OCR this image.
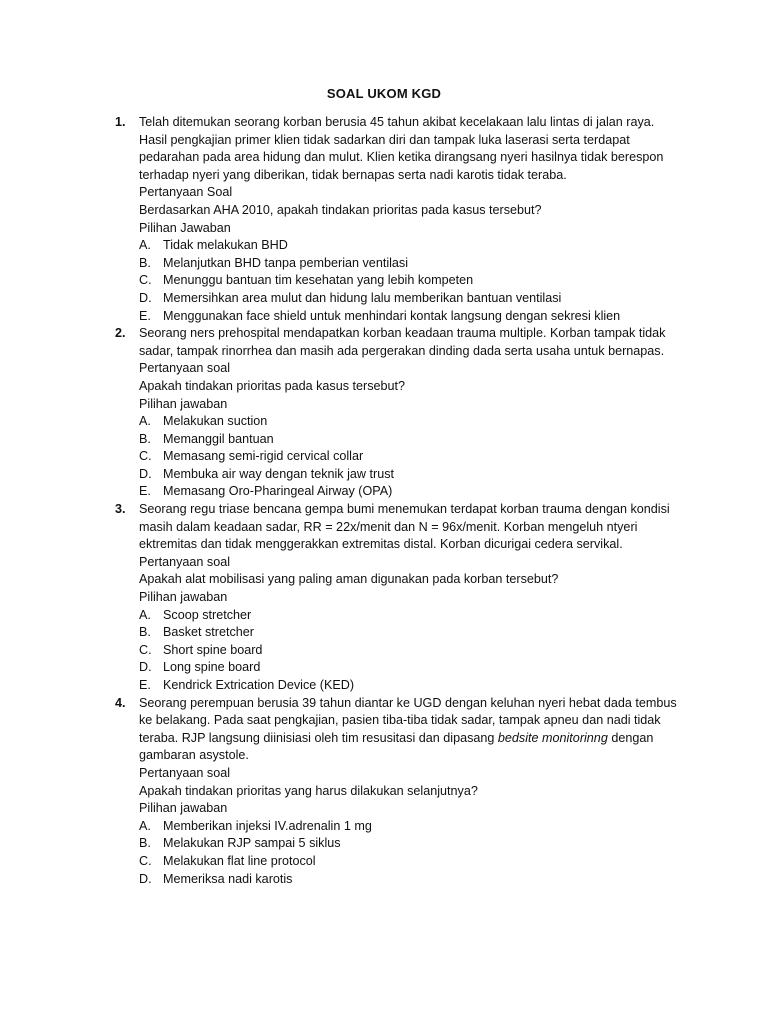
SOAL UKOM KGD
1. Telah ditemukan seorang korban berusia 45 tahun akibat kecelakaan lalu lintas di jalan raya. Hasil pengkajian primer klien tidak sadarkan diri dan tampak luka laserasi serta terdapat pedarahan pada area hidung dan mulut. Klien ketika dirangsang nyeri hasilnya tidak berespon terhadap nyeri yang diberikan, tidak bernapas serta nadi karotis tidak teraba.
Pertanyaan Soal
Berdasarkan AHA 2010, apakah tindakan prioritas pada kasus tersebut?
Pilihan Jawaban
A. Tidak melakukan BHD
B. Melanjutkan BHD tanpa pemberian ventilasi
C. Menunggu bantuan tim kesehatan yang lebih kompeten
D. Memersihkan area mulut dan hidung lalu memberikan bantuan ventilasi
E. Menggunakan face shield untuk menhindari kontak langsung dengan sekresi klien
2. Seorang ners prehospital mendapatkan korban keadaan trauma multiple. Korban tampak tidak sadar, tampak rinorrhea dan masih ada pergerakan dinding dada serta usaha untuk bernapas.
Pertanyaan soal
Apakah tindakan prioritas pada kasus tersebut?
Pilihan jawaban
A. Melakukan suction
B. Memanggil bantuan
C. Memasang semi-rigid cervical collar
D. Membuka air way dengan teknik jaw trust
E. Memasang Oro-Pharingeal Airway (OPA)
3. Seorang regu triase bencana gempa bumi menemukan terdapat korban trauma dengan kondisi masih dalam keadaan sadar, RR = 22x/menit dan N = 96x/menit. Korban mengeluh ntyeri ektremitas dan tidak menggerakkan extremitas distal. Korban dicurigai cedera servikal.
Pertanyaan soal
Apakah alat mobilisasi yang paling aman digunakan pada korban tersebut?
Pilihan jawaban
A. Scoop stretcher
B. Basket stretcher
C. Short spine board
D. Long spine board
E. Kendrick Extrication Device (KED)
4. Seorang perempuan berusia 39 tahun diantar ke UGD dengan keluhan nyeri hebat dada tembus ke belakang. Pada saat pengkajian, pasien tiba-tiba tidak sadar, tampak apneu dan nadi tidak teraba. RJP langsung diinisiasi oleh tim resusitasi dan dipasang bedsite monitorinng dengan gambaran asystole.
Pertanyaan soal
Apakah tindakan prioritas yang harus dilakukan selanjutnya?
Pilihan jawaban
A. Memberikan injeksi IV.adrenalin 1 mg
B. Melakukan RJP sampai 5 siklus
C. Melakukan flat line protocol
D. Memeriksa nadi karotis
